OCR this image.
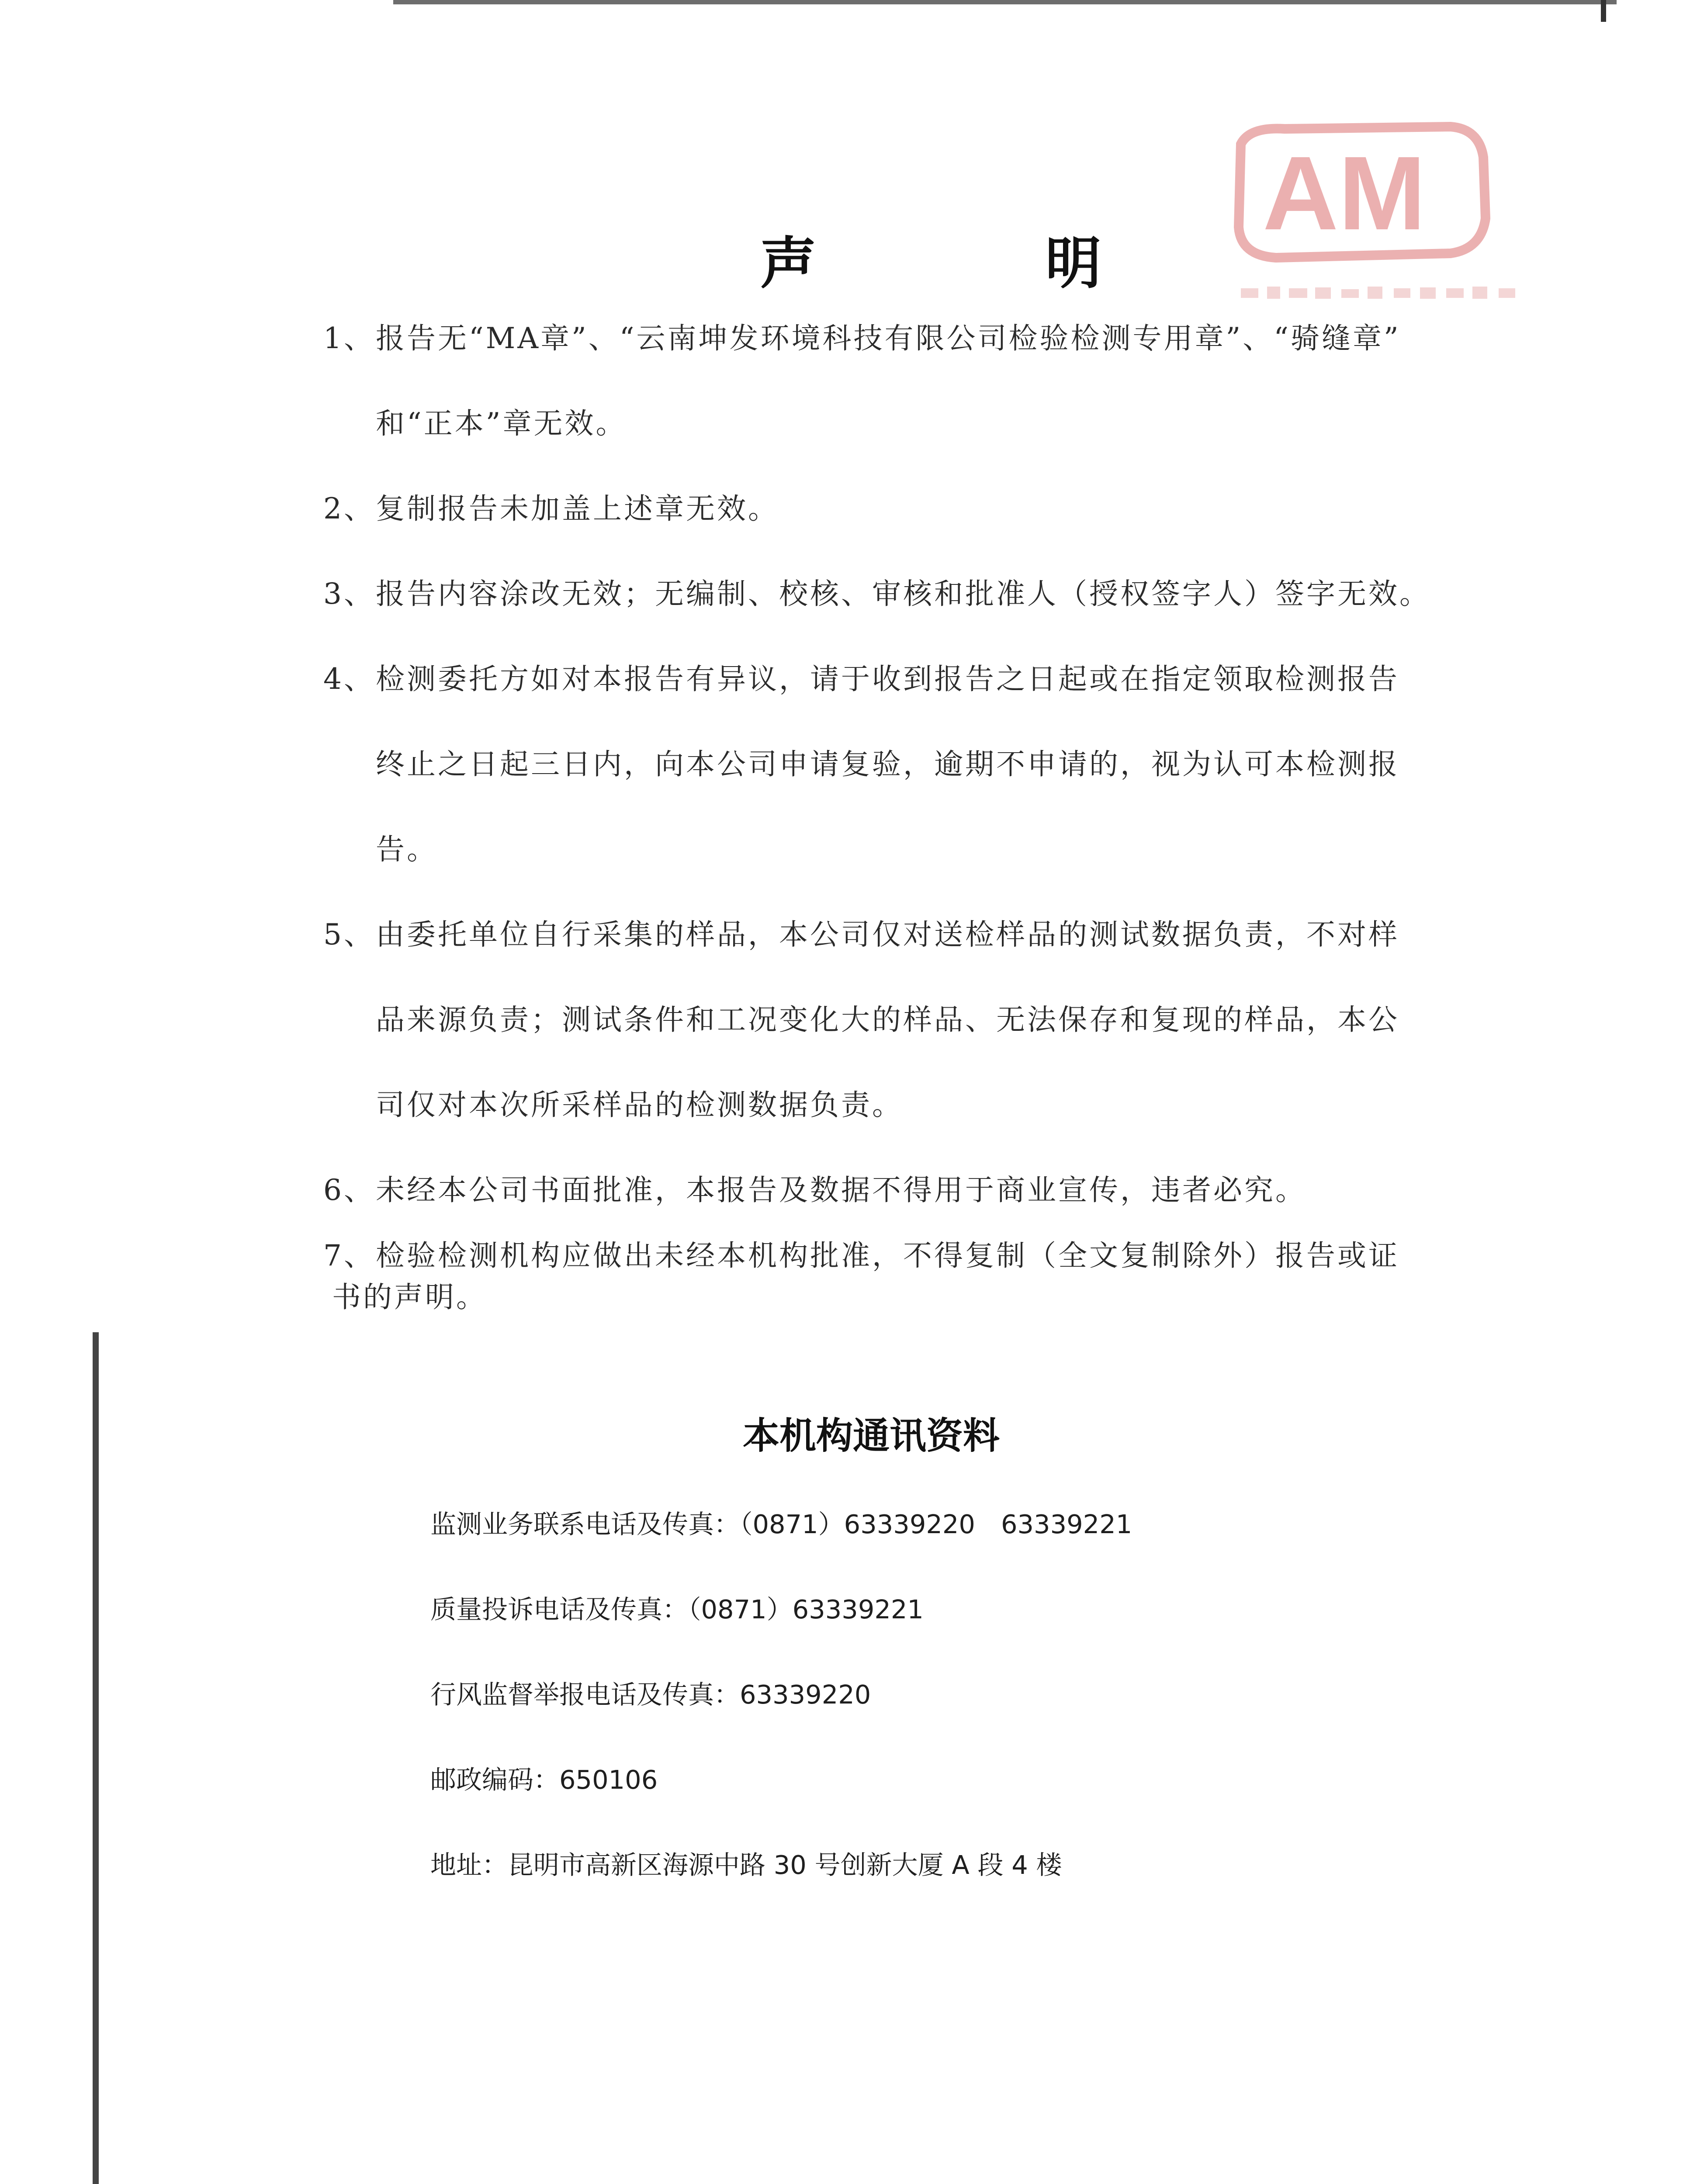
AM
声 明
1、报告无“MA章”、“云南坤发环境科技有限公司检验检测专用章”、“骑缝章”
和“正本”章无效。
2、复制报告未加盖上述章无效。
3、报告内容涂改无效；无编制、校核、审核和批准人（授权签字人）签字无效。
4、检测委托方如对本报告有异议，请于收到报告之日起或在指定领取检测报告
终止之日起三日内，向本公司申请复验，逾期不申请的，视为认可本检测报
告。
5、由委托单位自行采集的样品，本公司仅对送检样品的测试数据负责，不对样
品来源负责；测试条件和工况变化大的样品、无法保存和复现的样品，本公
司仅对本次所采样品的检测数据负责。
6、未经本公司书面批准，本报告及数据不得用于商业宣传，违者必究。
7、检验检测机构应做出未经本机构批准，不得复制（全文复制除外）报告或证
书的声明。
本机构通讯资料
监测业务联系电话及传真：（0871）63339220　63339221
质量投诉电话及传真：（0871）63339221
行风监督举报电话及传真：63339220
邮政编码：650106
地址：昆明市高新区海源中路 30 号创新大厦 A 段 4 楼
